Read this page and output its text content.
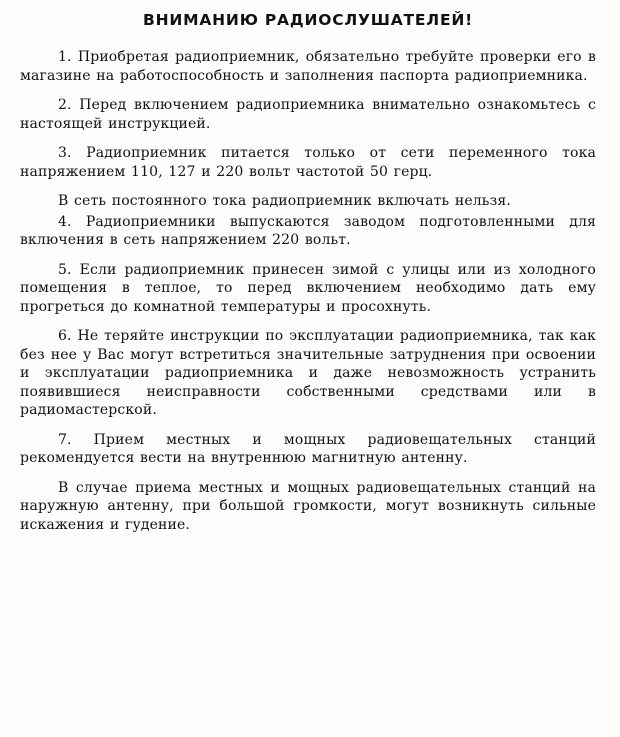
ВНИМАНИЮ РАДИОСЛУШАТЕЛЕЙ!

1. Приобретая радиоприемник, обязательно требуйте проверки его в магазине на работоспособность и заполнения паспорта радиоприемника.

2. Перед включением радиоприемника внимательно ознакомьтесь с настоящей инструкцией.

3. Радиоприемник питается только от сети переменного тока напряжением 110, 127 и 220 вольт частотой 50 герц.

В сеть постоянного тока радиоприемник включать нельзя.

4. Радиоприемники выпускаются заводом подготовленными для включения в сеть напряжением 220 вольт.

5. Если радиоприемник принесен зимой с улицы или из холодного помещения в теплое, то перед включением необходимо дать ему прогреться до комнатной температуры и просохнуть.

6. Не теряйте инструкции по эксплуатации радиоприемника, так как без нее у Вас могут встретиться значительные затруднения при освоении и эксплуатации радиоприемника и даже невозможность устранить появившиеся неисправности собственными средствами или в радиомастерской.

7. Прием местных и мощных радиовещательных станций рекомендуется вести на внутреннюю магнитную антенну.

В случае приема местных и мощных радиовещательных станций на наружную антенну, при большой громкости, могут возникнуть сильные искажения и гудение.
